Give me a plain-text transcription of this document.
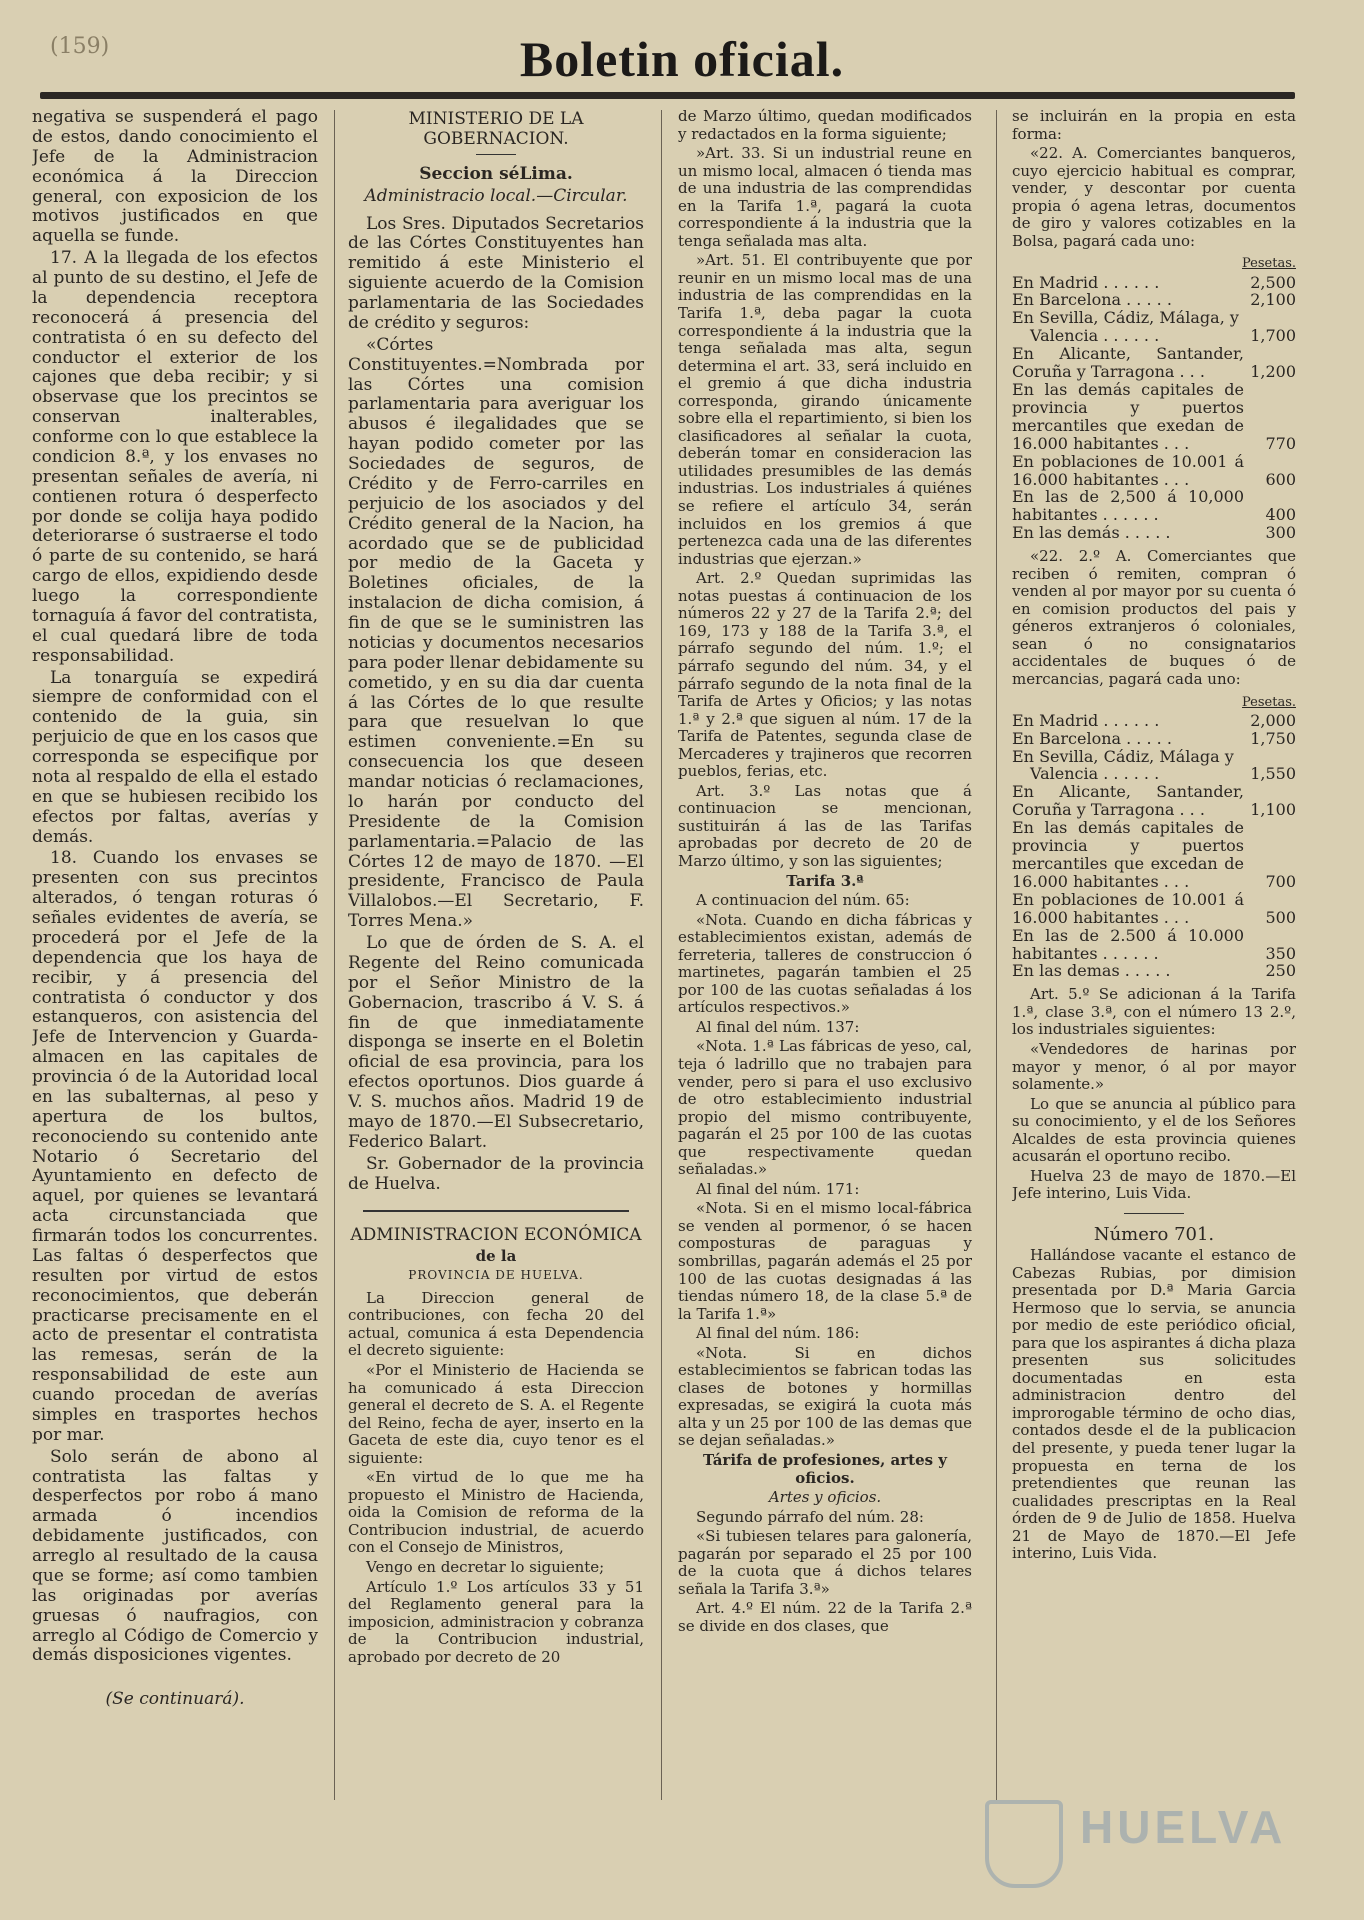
(159)	Boletin oficial.

negativa se suspenderá el pago de estos, dando conocimiento el Jefe de la Administracion económica á la Direccion general, con exposicion de los motivos justificados en que aquella se funde.

17. A la llegada de los efectos al punto de su destino, el Jefe de la dependencia receptora reconocerá á presencia del contratista ó en su defecto del conductor el exterior de los cajones que deba recibir; y si observase que los precintos se conservan inalterables, conforme con lo que establece la condicion 8.ª, y los envases no presentan señales de avería, ni contienen rotura ó desperfecto por donde se colija haya podido deteriorarse ó sustraerse el todo ó parte de su contenido, se hará cargo de ellos, expidiendo desde luego la correspondiente tornaguía á favor del contratista, el cual quedará libre de toda responsabilidad.

La tonarguía se expedirá siempre de conformidad con el contenido de la guia, sin perjuicio de que en los casos que corresponda se especifique por nota al respaldo de ella el estado en que se hubiesen recibido los efectos por faltas, averías y demás.

18. Cuando los envases se presenten con sus precintos alterados, ó tengan roturas ó señales evidentes de avería, se procederá por el Jefe de la dependencia que los haya de recibir, y á presencia del contratista ó conductor y dos estanqueros, con asistencia del Jefe de Intervencion y Guarda-almacen en las capitales de provincia ó de la Autoridad local en las subalternas, al peso y apertura de los bultos, reconociendo su contenido ante Notario ó Secretario del Ayuntamiento en defecto de aquel, por quienes se levantará acta circunstanciada que firmarán todos los concurrentes. Las faltas ó desperfectos que resulten por virtud de estos reconocimientos, que deberán practicarse precisamente en el acto de presentar el contratista las remesas, serán de la responsabilidad de este aun cuando procedan de averías simples en trasportes hechos por mar.

Solo serán de abono al contratista las faltas y desperfectos por robo á mano armada ó incendios debidamente justificados, con arreglo al resultado de la causa que se forme; así como tambien las originadas por averías gruesas ó naufragios, con arreglo al Código de Comercio y demás disposiciones vigentes.

(Se continuará).

MINISTERIO DE LA GOBERNACION.

Seccion séLima.

Administracio local.—Circular.

Los Sres. Diputados Secretarios de las Córtes Constituyentes han remitido á este Ministerio el siguiente acuerdo de la Comision parlamentaria de las Sociedades de crédito y seguros:

«Córtes Constituyentes.=Nombrada por las Córtes una comision parlamentaria para averiguar los abusos é ilegalidades que se hayan podido cometer por las Sociedades de seguros, de Crédito y de Ferro-carriles en perjuicio de los asociados y del Crédito general de la Nacion, ha acordado que se de publicidad por medio de la Gaceta y Boletines oficiales, de la instalacion de dicha comision, á fin de que se le suministren las noticias y documentos necesarios para poder llenar debidamente su cometido, y en su dia dar cuenta á las Córtes de lo que resulte para que resuelvan lo que estimen conveniente.=En su consecuencia los que deseen mandar noticias ó reclamaciones, lo harán por conducto del Presidente de la Comision parlamentaria.=Palacio de las Córtes 12 de mayo de 1870. —El presidente, Francisco de Paula Villalobos.—El Secretario, F. Torres Mena.»

Lo que de órden de S. A. el Regente del Reino comunicada por el Señor Ministro de la Gobernacion, trascribo á V. S. á fin de que inmediatamente disponga se inserte en el Boletin oficial de esa provincia, para los efectos oportunos. Dios guarde á V. S. muchos años. Madrid 19 de mayo de 1870.—El Subsecretario, Federico Balart.

Sr. Gobernador de la provincia de Huelva.

ADMINISTRACION ECONÓMICA

de la

PROVINCIA DE HUELVA.

La Direccion general de contribuciones, con fecha 20 del actual, comunica á esta Dependencia el decreto siguiente:

«Por el Ministerio de Hacienda se ha comunicado á esta Direccion general el decreto de S. A. el Regente del Reino, fecha de ayer, inserto en la Gaceta de este dia, cuyo tenor es el siguiente:

«En virtud de lo que me ha propuesto el Ministro de Hacienda, oida la Comision de reforma de la Contribucion industrial, de acuerdo con el Consejo de Ministros,

Vengo en decretar lo siguiente;

Artículo 1.º Los artículos 33 y 51 del Reglamento general para la imposicion, administracion y cobranza de la Contribucion industrial, aprobado por decreto de 20

de Marzo último, quedan modificados y redactados en la forma siguiente;

»Art. 33. Si un industrial reune en un mismo local, almacen ó tienda mas de una industria de las comprendidas en la Tarifa 1.ª, pagará la cuota correspondiente á la industria que la tenga señalada mas alta.

»Art. 51. El contribuyente que por reunir en un mismo local mas de una industria de las comprendidas en la Tarifa 1.ª, deba pagar la cuota correspondiente á la industria que la tenga señalada mas alta, segun determina el art. 33, será incluido en el gremio á que dicha industria corresponda, girando únicamente sobre ella el repartimiento, si bien los clasificadores al señalar la cuota, deberán tomar en consideracion las utilidades presumibles de las demás industrias. Los industriales á quiénes se refiere el artículo 34, serán incluidos en los gremios á que pertenezca cada una de las diferentes industrias que ejerzan.»

Art. 2.º Quedan suprimidas las notas puestas á continuacion de los números 22 y 27 de la Tarifa 2.ª; del 169, 173 y 188 de la Tarifa 3.ª, el párrafo segundo del núm. 1.º; el párrafo segundo del núm. 34, y el párrafo segundo de la nota final de la Tarifa de Artes y Oficios; y las notas 1.ª y 2.ª que siguen al núm. 17 de la Tarifa de Patentes, segunda clase de Mercaderes y trajineros que recorren pueblos, ferias, etc.

Art. 3.º Las notas que á continuacion se mencionan, sustituirán á las de las Tarifas aprobadas por decreto de 20 de Marzo último, y son las siguientes;

Tarifa 3.ª

A continuacion del núm. 65:

«Nota. Cuando en dicha fábricas y establecimientos existan, además de ferreteria, talleres de construccion ó martinetes, pagarán tambien el 25 por 100 de las cuotas señaladas á los artículos respectivos.»

Al final del núm. 137:

«Nota. 1.ª Las fábricas de yeso, cal, teja ó ladrillo que no trabajen para vender, pero si para el uso exclusivo de otro establecimiento industrial propio del mismo contribuyente, pagarán el 25 por 100 de las cuotas que respectivamente quedan señaladas.»

Al final del núm. 171:

«Nota. Si en el mismo local-fábrica se venden al pormenor, ó se hacen composturas de paraguas y sombrillas, pagarán además el 25 por 100 de las cuotas designadas á las tiendas número 18, de la clase 5.ª de la Tarifa 1.ª»

Al final del núm. 186:

«Nota. Si en dichos establecimientos se fabrican todas las clases de botones y hormillas expresadas, se exigirá la cuota más alta y un 25 por 100 de las demas que se dejan señaladas.»

Tárifa de profesiones, artes y oficios.

Artes y oficios.

Segundo párrafo del núm. 28:

«Si tubiesen telares para galonería, pagarán por separado el 25 por 100 de la cuota que á dichos telares señala la Tarifa 3.ª»

Art. 4.º El núm. 22 de la Tarifa 2.ª se divide en dos clases, que

se incluirán en la propia en esta forma:

«22. A. Comerciantes banqueros, cuyo ejercicio habitual es comprar, vender, y descontar por cuenta propia ó agena letras, documentos de giro y valores cotizables en la Bolsa, pagará cada uno:

Pesetas.

En Madrid . . . . . .	2,500
En Barcelona . . . . .	2,100
En Sevilla, Cádiz, Málaga, y	
Valencia . . . . . .	1,700
En Alicante, Santander, Coruña y Tarragona . . .	1,200
En las demás capitales de provincia y puertos mercantiles que exedan de 16.000 habitantes . . .	770
En poblaciones de 10.001 á 16.000 habitantes . . .	600
En las de 2,500 á 10,000 habitantes . . . . . .	400
En las demás . . . . .	300

«22. 2.º A. Comerciantes que reciben ó remiten, compran ó venden al por mayor por su cuenta ó en comision productos del pais y géneros extranjeros ó coloniales, sean ó no consignatarios accidentales de buques ó de mercancias, pagará cada uno:

Pesetas.

En Madrid . . . . . .	2,000
En Barcelona . . . . .	1,750
En Sevilla, Cádiz, Málaga y	
Valencia . . . . . .	1,550
En Alicante, Santander, Coruña y Tarragona . . .	1,100
En las demás capitales de provincia y puertos mercantiles que excedan de 16.000 habitantes . . .	700
En poblaciones de 10.001 á 16.000 habitantes . . .	500
En las de 2.500 á 10.000 habitantes . . . . . .	350
En las demas . . . . .	250

Art. 5.º Se adicionan á la Tarifa 1.ª, clase 3.ª, con el número 13 2.º, los industriales siguientes:

«Vendedores de harinas por mayor y menor, ó al por mayor solamente.»

Lo que se anuncia al público para su conocimiento, y el de los Señores Alcaldes de esta provincia quienes acusarán el oportuno recibo.

Huelva 23 de mayo de 1870.—El Jefe interino, Luis Vida.

Número 701.

Hallándose vacante el estanco de Cabezas Rubias, por dimision presentada por D.ª Maria Garcia Hermoso que lo servia, se anuncia por medio de este periódico oficial, para que los aspirantes á dicha plaza presenten sus solicitudes documentadas en esta administracion dentro del improrogable término de ocho dias, contados desde el de la publicacion del presente, y pueda tener lugar la propuesta en terna de los pretendientes que reunan las cualidades prescriptas en la Real órden de 9 de Julio de 1858. Huelva 21 de Mayo de 1870.—El Jefe interino, Luis Vida.

HUELVA
